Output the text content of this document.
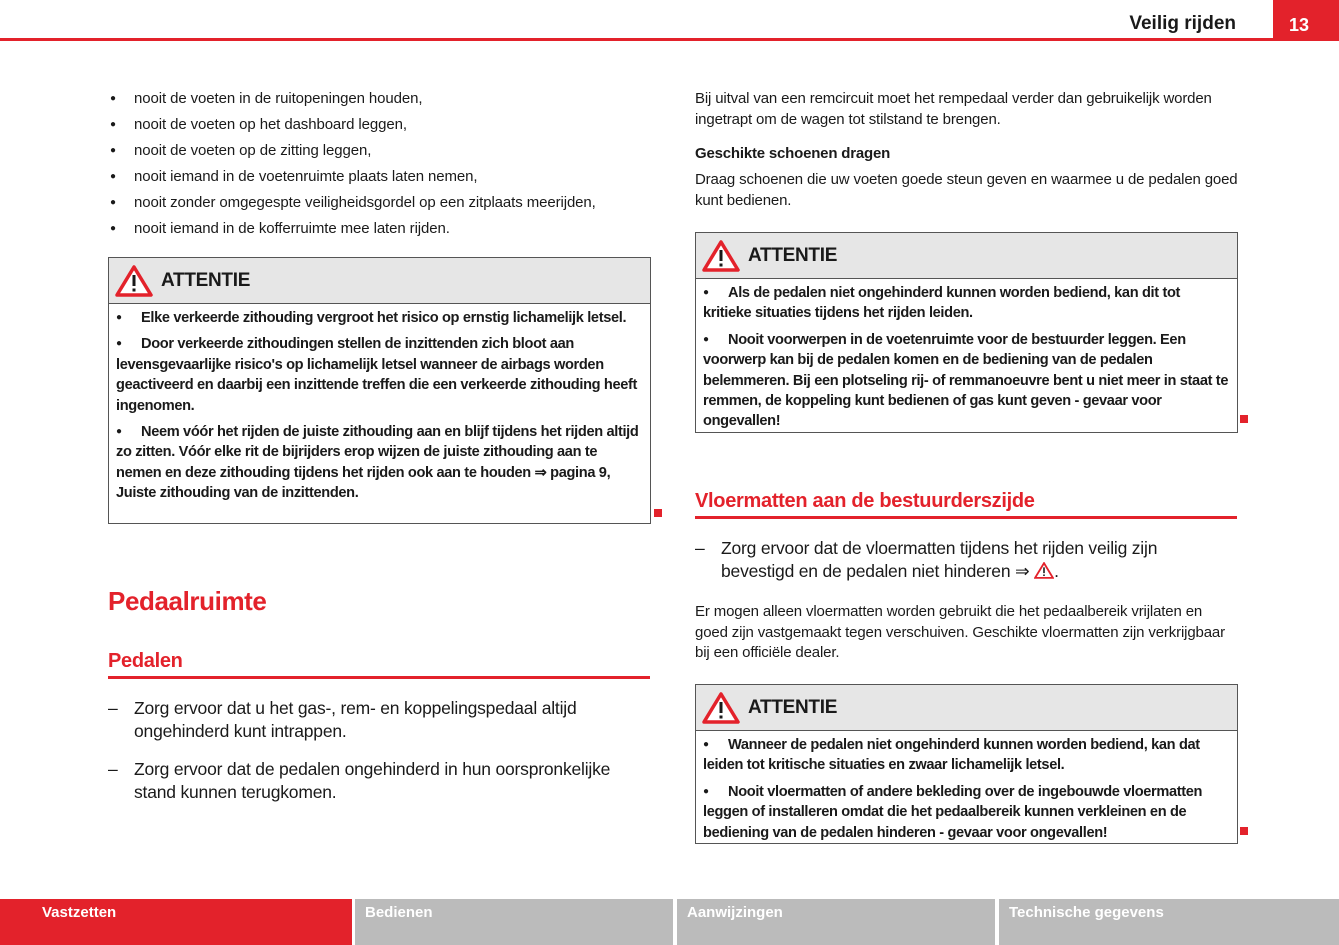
Veilig rijden	13
● nooit de voeten in de ruitopeningen houden,
● nooit de voeten op het dashboard leggen,
● nooit de voeten op de zitting leggen,
● nooit iemand in de voetenruimte plaats laten nemen,
● nooit zonder omgegespte veiligheidsgordel op een zitplaats meerijden,
● nooit iemand in de kofferruimte mee laten rijden.
ATTENTIE

● Elke verkeerde zithouding vergroot het risico op ernstig lichamelijk letsel.

● Door verkeerde zithoudingen stellen de inzittenden zich bloot aan levensgevaarlijke risico's op lichamelijk letsel wanneer de airbags worden geactiveerd en daarbij een inzittende treffen die een verkeerde zithouding heeft ingenomen.

● Neem vóór het rijden de juiste zithouding aan en blijf tijdens het rijden altijd zo zitten. Vóór elke rit de bijrijders erop wijzen de juiste zithouding aan te nemen en deze zithouding tijdens het rijden ook aan te houden ⇒ pagina 9, Juiste zithouding van de inzittenden.

Pedaalruimte
Pedalen

– Zorg ervoor dat u het gas-, rem- en koppelingspedaal altijd ongehinderd kunt intrappen.

– Zorg ervoor dat de pedalen ongehinderd in hun oorspronkelijke stand kunnen terugkomen.

Bij uitval van een remcircuit moet het rempedaal verder dan gebruikelijk worden ingetrapt om de wagen tot stilstand te brengen.

Geschikte schoenen dragen

Draag schoenen die uw voeten goede steun geven en waarmee u de pedalen goed kunt bedienen.

ATTENTIE

● Als de pedalen niet ongehinderd kunnen worden bediend, kan dit tot kritieke situaties tijdens het rijden leiden.

● Nooit voorwerpen in de voetenruimte voor de bestuurder leggen. Een voorwerp kan bij de pedalen komen en de bediening van de pedalen belemmeren. Bij een plotseling rij- of remmanoeuvre bent u niet meer in staat te remmen, de koppeling kunt bedienen of gas kunt geven - gevaar voor ongevallen!

Vloermatten aan de bestuurderszijde

– Zorg ervoor dat de vloermatten tijdens het rijden veilig zijn bevestigd en de pedalen niet hinderen ⇒ .

Er mogen alleen vloermatten worden gebruikt die het pedaalbereik vrijlaten en goed zijn vastgemaakt tegen verschuiven. Geschikte vloermatten zijn verkrijgbaar bij een officiële dealer.

ATTENTIE

● Wanneer de pedalen niet ongehinderd kunnen worden bediend, kan dat leiden tot kritische situaties en zwaar lichamelijk letsel.

● Nooit vloermatten of andere bekleding over de ingebouwde vloermatten leggen of installeren omdat die het pedaalbereik kunnen verkleinen en de bediening van de pedalen hinderen - gevaar voor ongevallen!

Vastzetten	Bedienen	Aanwijzingen	Technische gegevens
